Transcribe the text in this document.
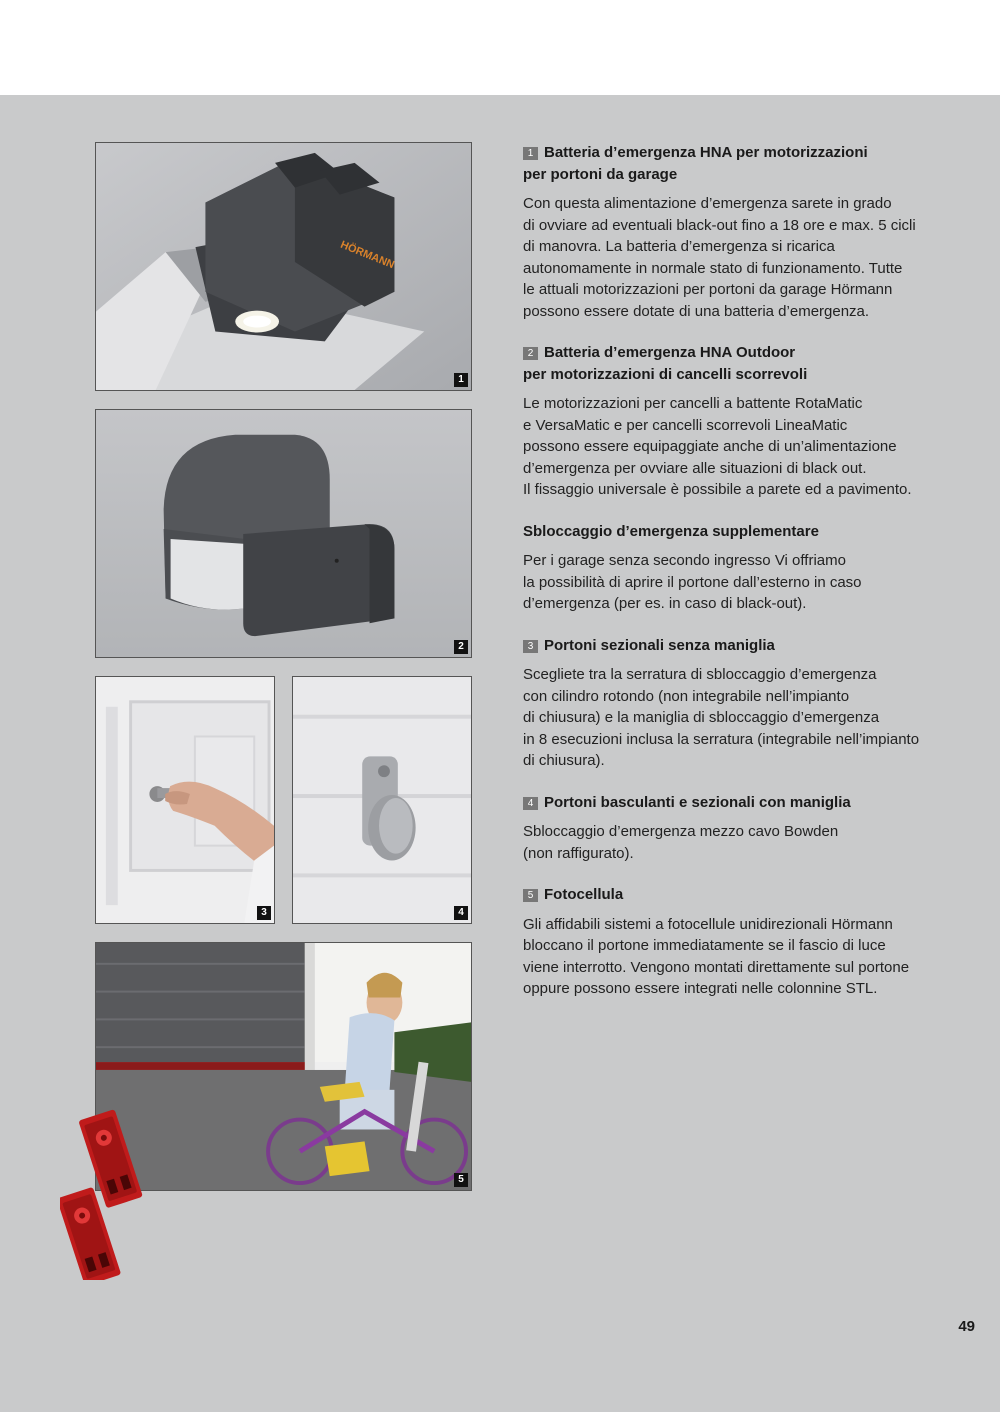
HÖRMANN
1
2
3	4
5
1 Batteria d’emergenza HNA per motorizzazioni
per portoni da garage

Con questa alimentazione d’emergenza sarete in grado
di ovviare ad eventuali black-out fino a 18 ore e max. 5 cicli
di manovra. La batteria d’emergenza si ricarica
autonomamente in normale stato di funzionamento. Tutte
le attuali motorizzazioni per portoni da garage Hörmann
possono essere dotate di una batteria d’emergenza.

2 Batteria d’emergenza HNA Outdoor
per motorizzazioni di cancelli scorrevoli

Le motorizzazioni per cancelli a battente RotaMatic
e VersaMatic e per cancelli scorrevoli LineaMatic
possono essere equipaggiate anche di un’alimentazione
d’emergenza per ovviare alle situazioni di black out.
Il fissaggio universale è possibile a parete ed a pavimento.

Sbloccaggio d’emergenza supplementare

Per i garage senza secondo ingresso Vi offriamo
la possibilità di aprire il portone dall’esterno in caso
d’emergenza (per es. in caso di black-out).

3 Portoni sezionali senza maniglia

Scegliete tra la serratura di sbloccaggio d’emergenza
con cilindro rotondo (non integrabile nell’impianto
di chiusura) e la maniglia di sbloccaggio d’emergenza
in 8 esecuzioni inclusa la serratura (integrabile nell’impianto
di chiusura).

4 Portoni basculanti e sezionali con maniglia

Sbloccaggio d’emergenza mezzo cavo Bowden
(non raffigurato).

5 Fotocellula

Gli affidabili sistemi a fotocellule unidirezionali Hörmann
bloccano il portone immediatamente se il fascio di luce
viene interrotto. Vengono montati direttamente sul portone
oppure possono essere integrati nelle colonnine STL.

49
